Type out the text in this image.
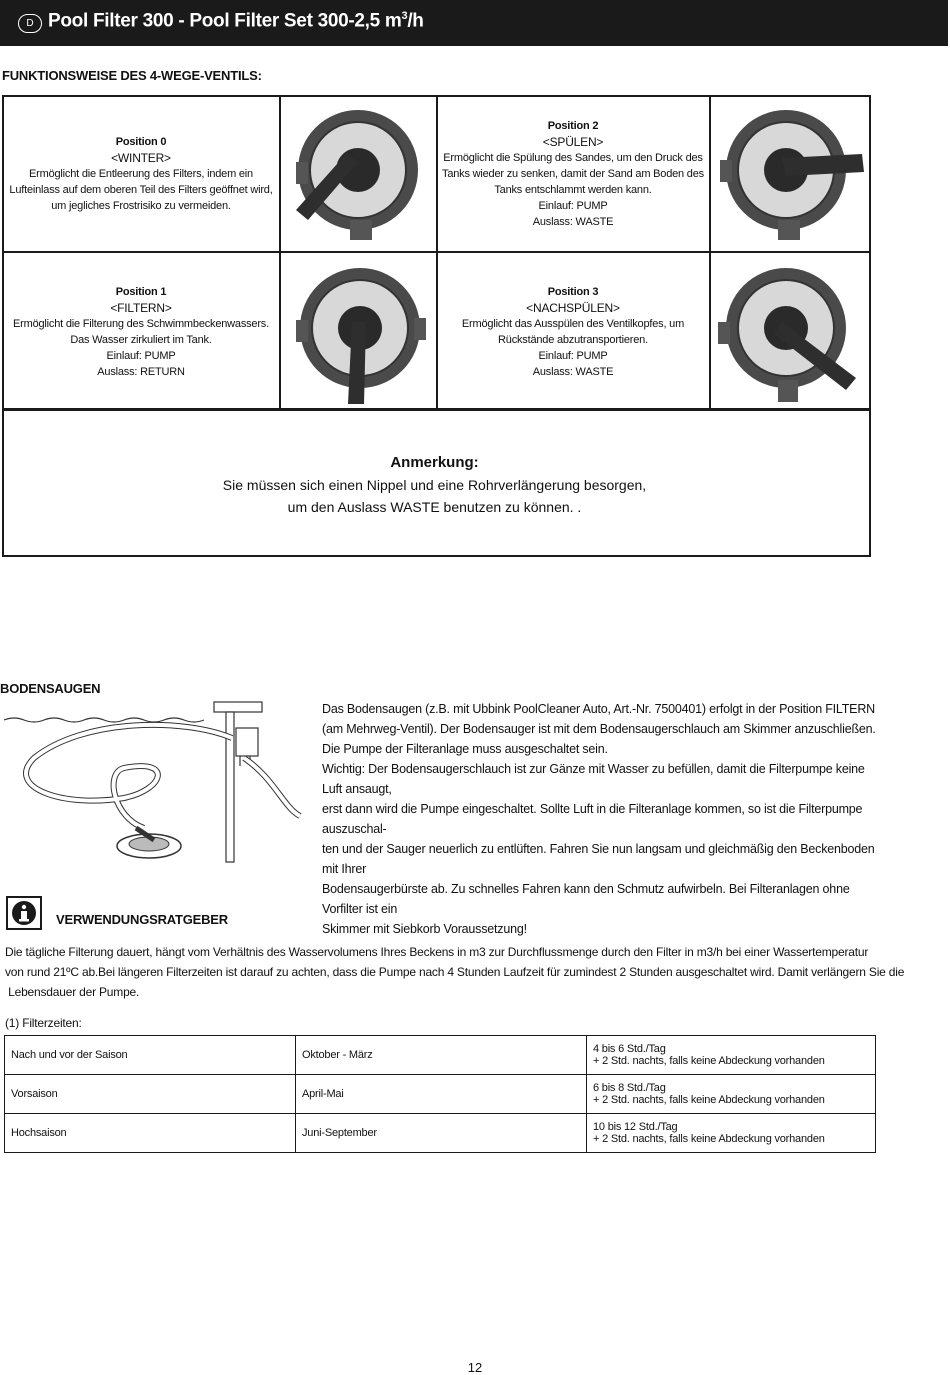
D Pool Filter 300 - Pool Filter Set 300-2,5 $m^3/h$
FUNKTIONSWEISE DES 4-WEGE-VENTILS:
Position 0
<WINTER>
Ermöglicht die Entleerung des Filters, indem ein
Lufteinlass auf dem oberen Teil des Filters geöffnet wird,
um jegliches Frostrisiko zu vermeiden.
Position 2
<SPÜLEN>
Ermöglicht die Spülung des Sandes, um den Druck des
Tanks wieder zu senken, damit der Sand am Boden des
Tanks entschlammt werden kann.
Einlauf: PUMP
Auslass: WASTE
Position 1
<FILTERN>
Ermöglicht die Filterung des Schwimmbeckenwassers.
Das Wasser zirkuliert im Tank.
Einlauf: PUMP
Auslass: RETURN
Position 3
<NACHSPÜLEN>
Ermöglicht das Ausspülen des Ventilkopfes, um
Rückstände abzutransportieren.
Einlauf: PUMP
Auslass: WASTE
Anmerkung:
Sie müssen sich einen Nippel und eine Rohrverlängerung besorgen,
um den Auslass WASTE benutzen zu können. .
BODENSAUGEN
Das Bodensaugen (z.B. mit Ubbink PoolCleaner Auto, Art.-Nr. 7500401) erfolgt in der Position FILTERN
(am Mehrweg-Ventil). Der Bodensauger ist mit dem Bodensaugerschlauch am Skimmer anzuschließen.
Die Pumpe der Filteranlage muss ausgeschaltet sein.
Wichtig: Der Bodensaugerschlauch ist zur Gänze mit Wasser zu befüllen, damit die Filterpumpe keine Luft ansaugt,
erst dann wird die Pumpe eingeschaltet. Sollte Luft in die Filteranlage kommen, so ist die Filterpumpe auszuschal-
ten und der Sauger neuerlich zu entlüften. Fahren Sie nun langsam und gleichmäßig den Beckenboden mit Ihrer
Bodensaugerbürste ab. Zu schnelles Fahren kann den Schmutz aufwirbeln. Bei Filteranlagen ohne Vorfilter ist ein
Skimmer mit Siebkorb Voraussetzung!
VERWENDUNGSRATGEBER
Die tägliche Filterung dauert, hängt vom Verhältnis des Wasservolumens Ihres Beckens in m3 zur Durchflussmenge durch den Filter in m3/h bei einer Wassertemperatur
von rund 21ºC ab.Bei längeren Filterzeiten ist darauf zu achten, dass die Pumpe nach 4 Stunden Laufzeit für zumindest 2 Stunden ausgeschaltet wird. Damit verlängern Sie die
Lebensdauer der Pumpe.
(1) Filterzeiten:
Nach und vor der Saison	Oktober - März	4 bis 6 Std./Tag
+ 2 Std. nachts, falls keine Abdeckung vorhanden

Vorsaison	April-Mai	6 bis 8 Std./Tag
+ 2 Std. nachts, falls keine Abdeckung vorhanden

Hochsaison	Juni-September	10 bis 12 Std./Tag
+ 2 Std. nachts, falls keine Abdeckung vorhanden
12
